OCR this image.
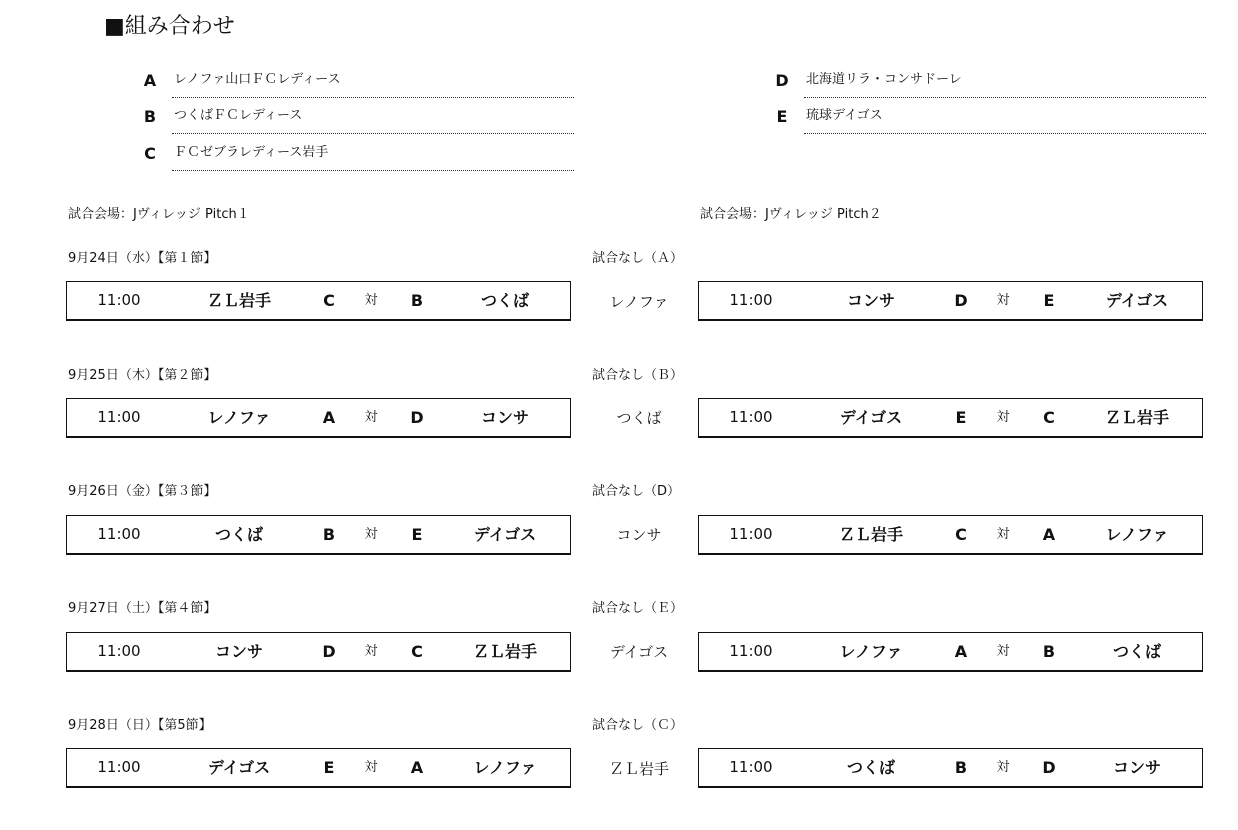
■組み合わせ
A レノファ山口ＦＣレディース
B	つくばＦＣレディース
C	ＦＣゼブラレディース岩手
D 北海道リラ・コンサドーレ
E	琉球デイゴス
試合会場：Jヴィレッジ Pitch１	試合会場：Jヴィレッジ Pitch２
9月24日（水）【第１節】	試合なし（Ａ）
レノファ
11:00	ＺＬ岩手	C	対	B	つくば	11:00	コンサ	D	対	E	デイゴス
9月25日（木）【第２節】	試合なし（Ｂ）
つくば
11:00	レノファ	A	対	D	コンサ	11:00	デイゴス	E	対	C	ＺＬ岩手
9月26日（金）【第３節】	試合なし（D）
コンサ
11:00	つくば	B	対	E	デイゴス	11:00	ＺＬ岩手	C	対	A	レノファ
9月27日（土）【第４節】	試合なし（Ｅ）
デイゴス
11:00	コンサ	D	対	C	ＺＬ岩手	11:00	レノファ	A	対	B	つくば
9月28日（日）【第5節】	試合なし（Ｃ）
ＺＬ岩手
11:00	デイゴス	E	対	A	レノファ	11:00	つくば	B	対	D	コンサ
